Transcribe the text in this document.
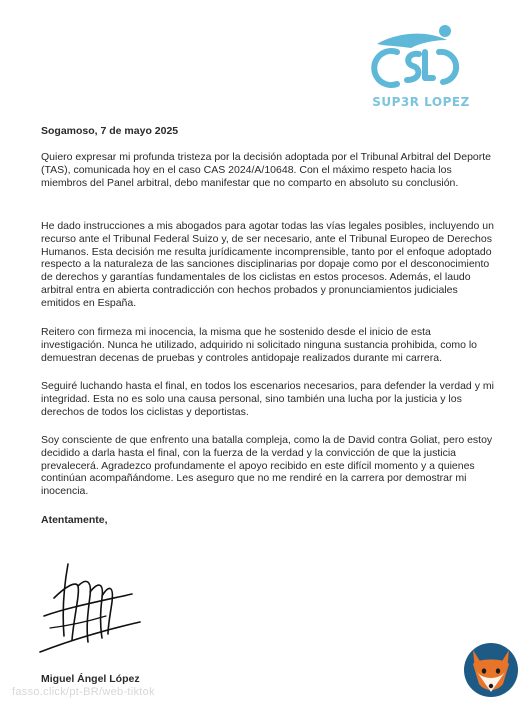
SUP3R LOPEZ
Sogamoso, 7 de mayo 2025

Quiero expresar mi profunda tristeza por la decisión adoptada por el Tribunal Arbitral del Deporte (TAS), comunicada hoy en el caso CAS 2024/A/10648. Con el máximo respeto hacia los miembros del Panel arbitral, debo manifestar que no comparto en absoluto su conclusión.

He dado instrucciones a mis abogados para agotar todas las vías legales posibles, incluyendo un recurso ante el Tribunal Federal Suizo y, de ser necesario, ante el Tribunal Europeo de Derechos Humanos. Esta decisión me resulta jurídicamente incomprensible, tanto por el enfoque adoptado respecto a la naturaleza de las sanciones disciplinarias por dopaje como por el desconocimiento de derechos y garantías fundamentales de los ciclistas en estos procesos. Además, el laudo arbitral entra en abierta contradicción con hechos probados y pronunciamientos judiciales emitidos en España.

Reitero con firmeza mi inocencia, la misma que he sostenido desde el inicio de esta investigación. Nunca he utilizado, adquirido ni solicitado ninguna sustancia prohibida, como lo demuestran decenas de pruebas y controles antidopaje realizados durante mi carrera.

Seguiré luchando hasta el final, en todos los escenarios necesarios, para defender la verdad y mi integridad. Esta no es solo una causa personal, sino también una lucha por la justicia y los derechos de todos los ciclistas y deportistas.

Soy consciente de que enfrento una batalla compleja, como la de David contra Goliat, pero estoy decidido a darla hasta el final, con la fuerza de la verdad y la convicción de que la justicia prevalecerá. Agradezco profundamente el apoyo recibido en este difícil momento y a quienes continúan acompañándome. Les aseguro que no me rendiré en la carrera por demostrar mi inocencia.

Atentamente,
Miguel Ángel López
fasso.click/pt-BR/web-tiktok
